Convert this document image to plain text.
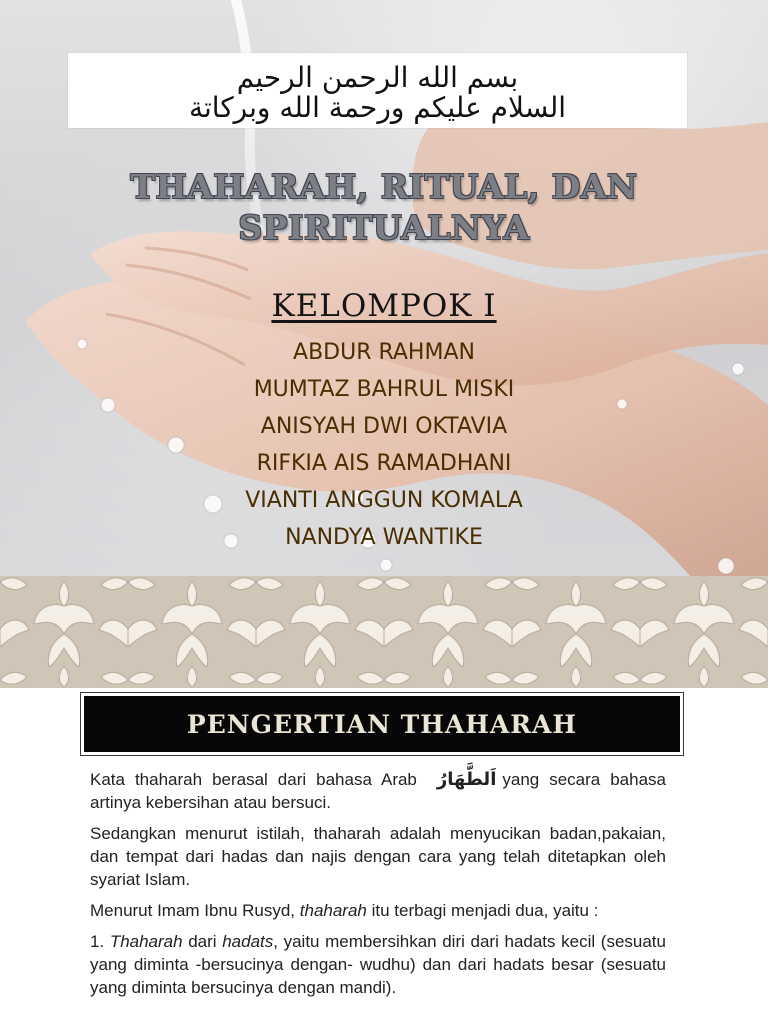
بسم الله الرحمن الرحيم
السلام عليكم ورحمة الله وبركاتة
THAHARAH, RITUAL, DAN
SPIRITUALNYA
KELOMPOK I
ABDUR RAHMAN
MUMTAZ BAHRUL MISKI
ANISYAH DWI OKTAVIA
RIFKIA AIS RAMADHANI
VIANTI ANGGUN KOMALA
NANDYA WANTIKE
PENGERTIAN THAHARAH

Kata thaharah berasal dari bahasa Arab اَلطَّهَارُ yang secara bahasa artinya kebersihan atau bersuci.

Sedangkan menurut istilah, thaharah adalah menyucikan badan,pakaian, dan tempat dari hadas dan najis dengan cara yang telah ditetapkan oleh syariat Islam.

Menurut Imam Ibnu Rusyd, thaharah itu terbagi menjadi dua, yaitu :

1. Thaharah dari hadats, yaitu membersihkan diri dari hadats kecil (sesuatu yang diminta -bersucinya dengan- wudhu) dan dari hadats besar (sesuatu yang diminta bersucinya dengan mandi).
